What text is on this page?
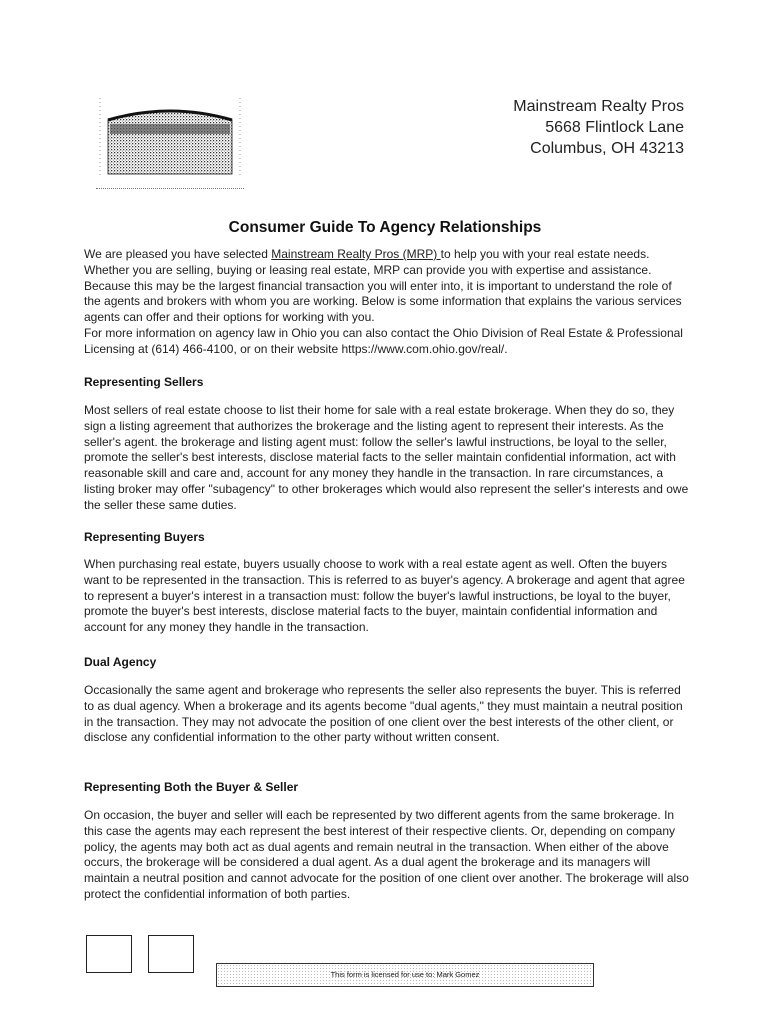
Mainstream Realty Pros
5668 Flintlock Lane
Columbus, OH 43213
Consumer Guide To Agency Relationships

We are pleased you have selected Mainstream Realty Pros (MRP) to help you with your real estate needs. Whether you are selling, buying or leasing real estate, MRP can provide you with expertise and assistance. Because this may be the largest financial transaction you will enter into, it is important to understand the role of the agents and brokers with whom you are working. Below is some information that explains the various services agents can offer and their options for working with you.

For more information on agency law in Ohio you can also contact the Ohio Division of Real Estate & Professional Licensing at (614) 466-4100, or on their website https://www.com.ohio.gov/real/.

Representing Sellers
Most sellers of real estate choose to list their home for sale with a real estate brokerage. When they do so, they sign a listing agreement that authorizes the brokerage and the listing agent to represent their interests. As the seller's agent. the brokerage and listing agent must: follow the seller's lawful instructions, be loyal to the seller, promote the seller's best interests, disclose material facts to the seller maintain confidential information, act with reasonable skill and care and, account for any money they handle in the transaction. In rare circumstances, a listing broker may offer "subagency" to other brokerages which would also represent the seller's interests and owe the seller these same duties.
Representing Buyers
When purchasing real estate, buyers usually choose to work with a real estate agent as well. Often the buyers want to be represented in the transaction. This is referred to as buyer's agency. A brokerage and agent that agree to represent a buyer's interest in a transaction must: follow the buyer's lawful instructions, be loyal to the buyer, promote the buyer's best interests, disclose material facts to the buyer, maintain confidential information and account for any money they handle in the transaction.
Dual Agency
Occasionally the same agent and brokerage who represents the seller also represents the buyer. This is referred to as dual agency. When a brokerage and its agents become "dual agents," they must maintain a neutral position in the transaction. They may not advocate the position of one client over the best interests of the other client, or disclose any confidential information to the other party without written consent.
Representing Both the Buyer & Seller
On occasion, the buyer and seller will each be represented by two different agents from the same brokerage. In this case the agents may each represent the best interest of their respective clients. Or, depending on company policy, the agents may both act as dual agents and remain neutral in the transaction. When either of the above occurs, the brokerage will be considered a dual agent. As a dual agent the brokerage and its managers will maintain a neutral position and cannot advocate for the position of one client over another. The brokerage will also protect the confidential information of both parties.
This form is licensed for use to: Mark Gomez
